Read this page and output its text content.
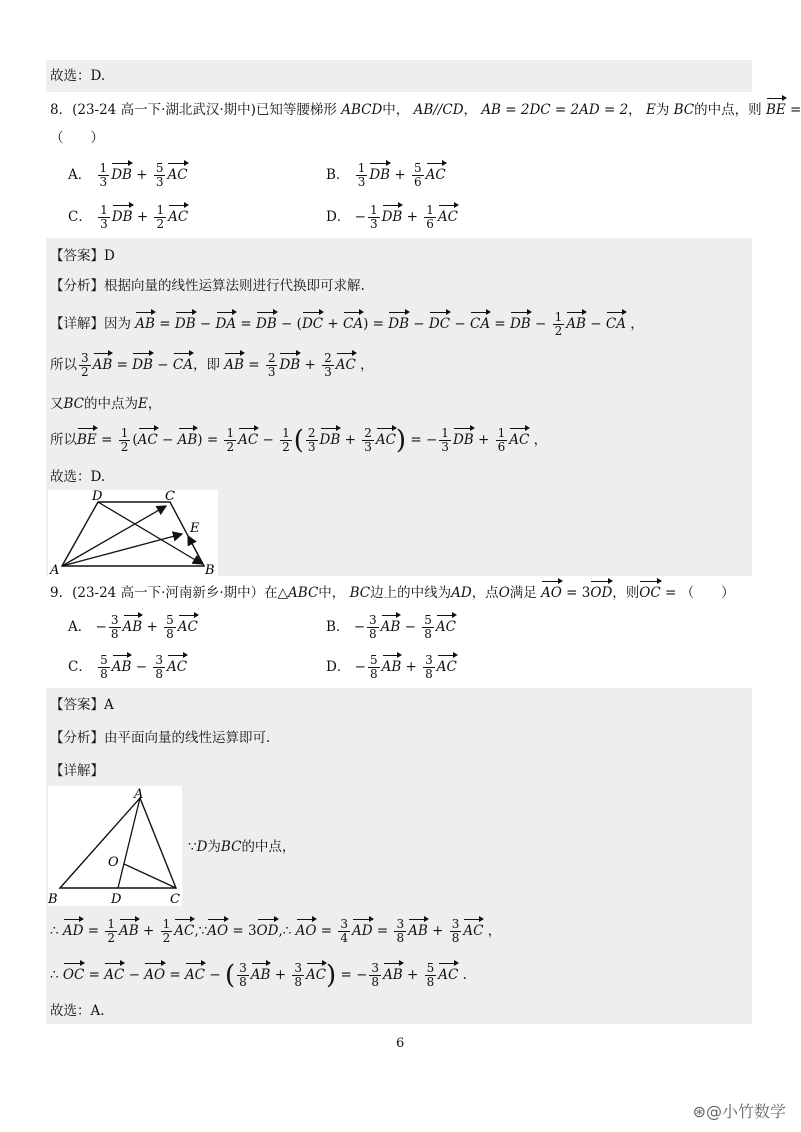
故选：D.
8．(23-24 高一下·湖北武汉·期中)已知等腰梯形 ABCD中， AB//CD， AB = 2DC = 2AD = 2， E为 BC的中点，则 BE =
（　　）
A． $\frac{1}{3}$ DB + $\frac{5}{3}$ AC	B． $\frac{1}{3}$ DB + $\frac{5}{6}$ AC
C． $\frac{1}{3}$ DB + $\frac{1}{2}$ AC	D． − $\frac{1}{3}$ DB + $\frac{1}{6}$ AC
【答案】D
【分析】根据向量的线性运算法则进行代换即可求解.
【详解】因为 AB = DB − DA = DB − (DC + CA) = DB − DC − CA = DB − $\frac{1}{2}$ AB − CA ，
所以 $\frac{3}{2}$ AB = DB − CA，即 AB = $\frac{2}{3}$ DB + $\frac{2}{3}$ AC ，
又BC的中点为E，
所以BE = $\frac{1}{2} (AC - AB) = \frac{1}{2}$ AC − $\frac{1}{2}$ ( $\frac{2}{3}$ DB + $\frac{2}{3} AC$) = − $\frac{1}{3}$ DB + $\frac{1}{6}$ AC ，
故选：D.
D	C
E
A	B
9．(23-24 高一下·河南新乡·期中）在△ABC中， BC边上的中线为AD，点O满足 AO = 3OD，则OC = （　　）
A． − $\frac{3}{8}$ AB + $\frac{5}{8}$ AC	B． − $\frac{3}{8}$ AB − $\frac{5}{8}$ AC
C． $\frac{5}{8}$ AB − $\frac{3}{8}$ AC	D． − $\frac{5}{8}$ AB + $\frac{3}{8}$ AC
【答案】A
【分析】由平面向量的线性运算即可.
【详解】
A
O
B	D	C
∵D为BC的中点，
∴ AD = $\frac{1}{2}$ AB + $\frac{1}{2}$ AC,∵AO = 3OD,∴ AO = $\frac{3}{4}$ AD = $\frac{3}{8}$ AB + $\frac{3}{8}$ AC ，
∴ OC = AC − AO = AC − ( $\frac{3}{8}$ AB + $\frac{3}{8} AC$) = − $\frac{3}{8}$ AB + $\frac{5}{8}$ AC .
故选：A.
6
⊛@小竹数学
